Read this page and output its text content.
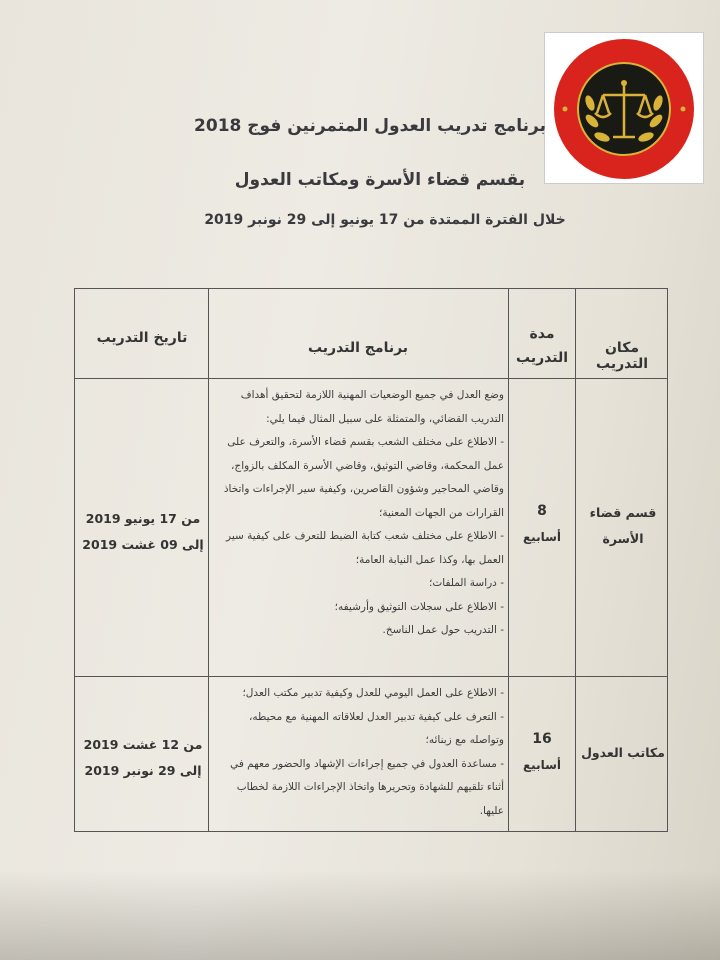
برنامج تدريب العدول المتمرنين فوج 2018
بقسم قضاء الأسرة ومكاتب العدول
خلال الفترة الممتدة من 17 يونيو إلى 29 نونبر 2019
مكان التدريب
مدة التدريب
برنامج التدريب
تاريخ التدريب
قسم قضاء الأسرة
8
أسابيع
وضع العدل في جميع الوضعيات المهنية اللازمة لتحقيق أهداف التدريب القضائي، والمتمثلة على سبيل المثال فيما يلي:
- الاطلاع على مختلف الشعب بقسم قضاء الأسرة، والتعرف على عمل المحكمة، وقاضي التوثيق، وقاضي الأسرة المكلف بالزواج، وقاضي المحاجير وشؤون القاصرين، وكيفية سير الإجراءات واتخاذ القرارات من الجهات المعنية؛
- الاطلاع على مختلف شعب كتابة الضبط للتعرف على كيفية سير العمل بها، وكذا عمل النيابة العامة؛
- دراسة الملفات؛
- الاطلاع على سجلات التوثيق وأرشيفه؛
- التدريب حول عمل الناسخ.
من 17 يونيو 2019
إلى 09 غشت 2019
مكاتب العدول
16
أسابيع
- الاطلاع على العمل اليومي للعدل وكيفية تدبير مكتب العدل؛
- التعرف على كيفية تدبير العدل لعلاقاته المهنية مع محيطه، وتواصله مع زبنائه؛
- مساعدة العدول في جميع إجراءات الإشهاد والحضور معهم في أثناء تلقيهم للشهادة وتحريرها واتخاذ الإجراءات اللازمة لخطاب عليها.
من 12 غشت 2019
إلى 29 نونبر 2019
